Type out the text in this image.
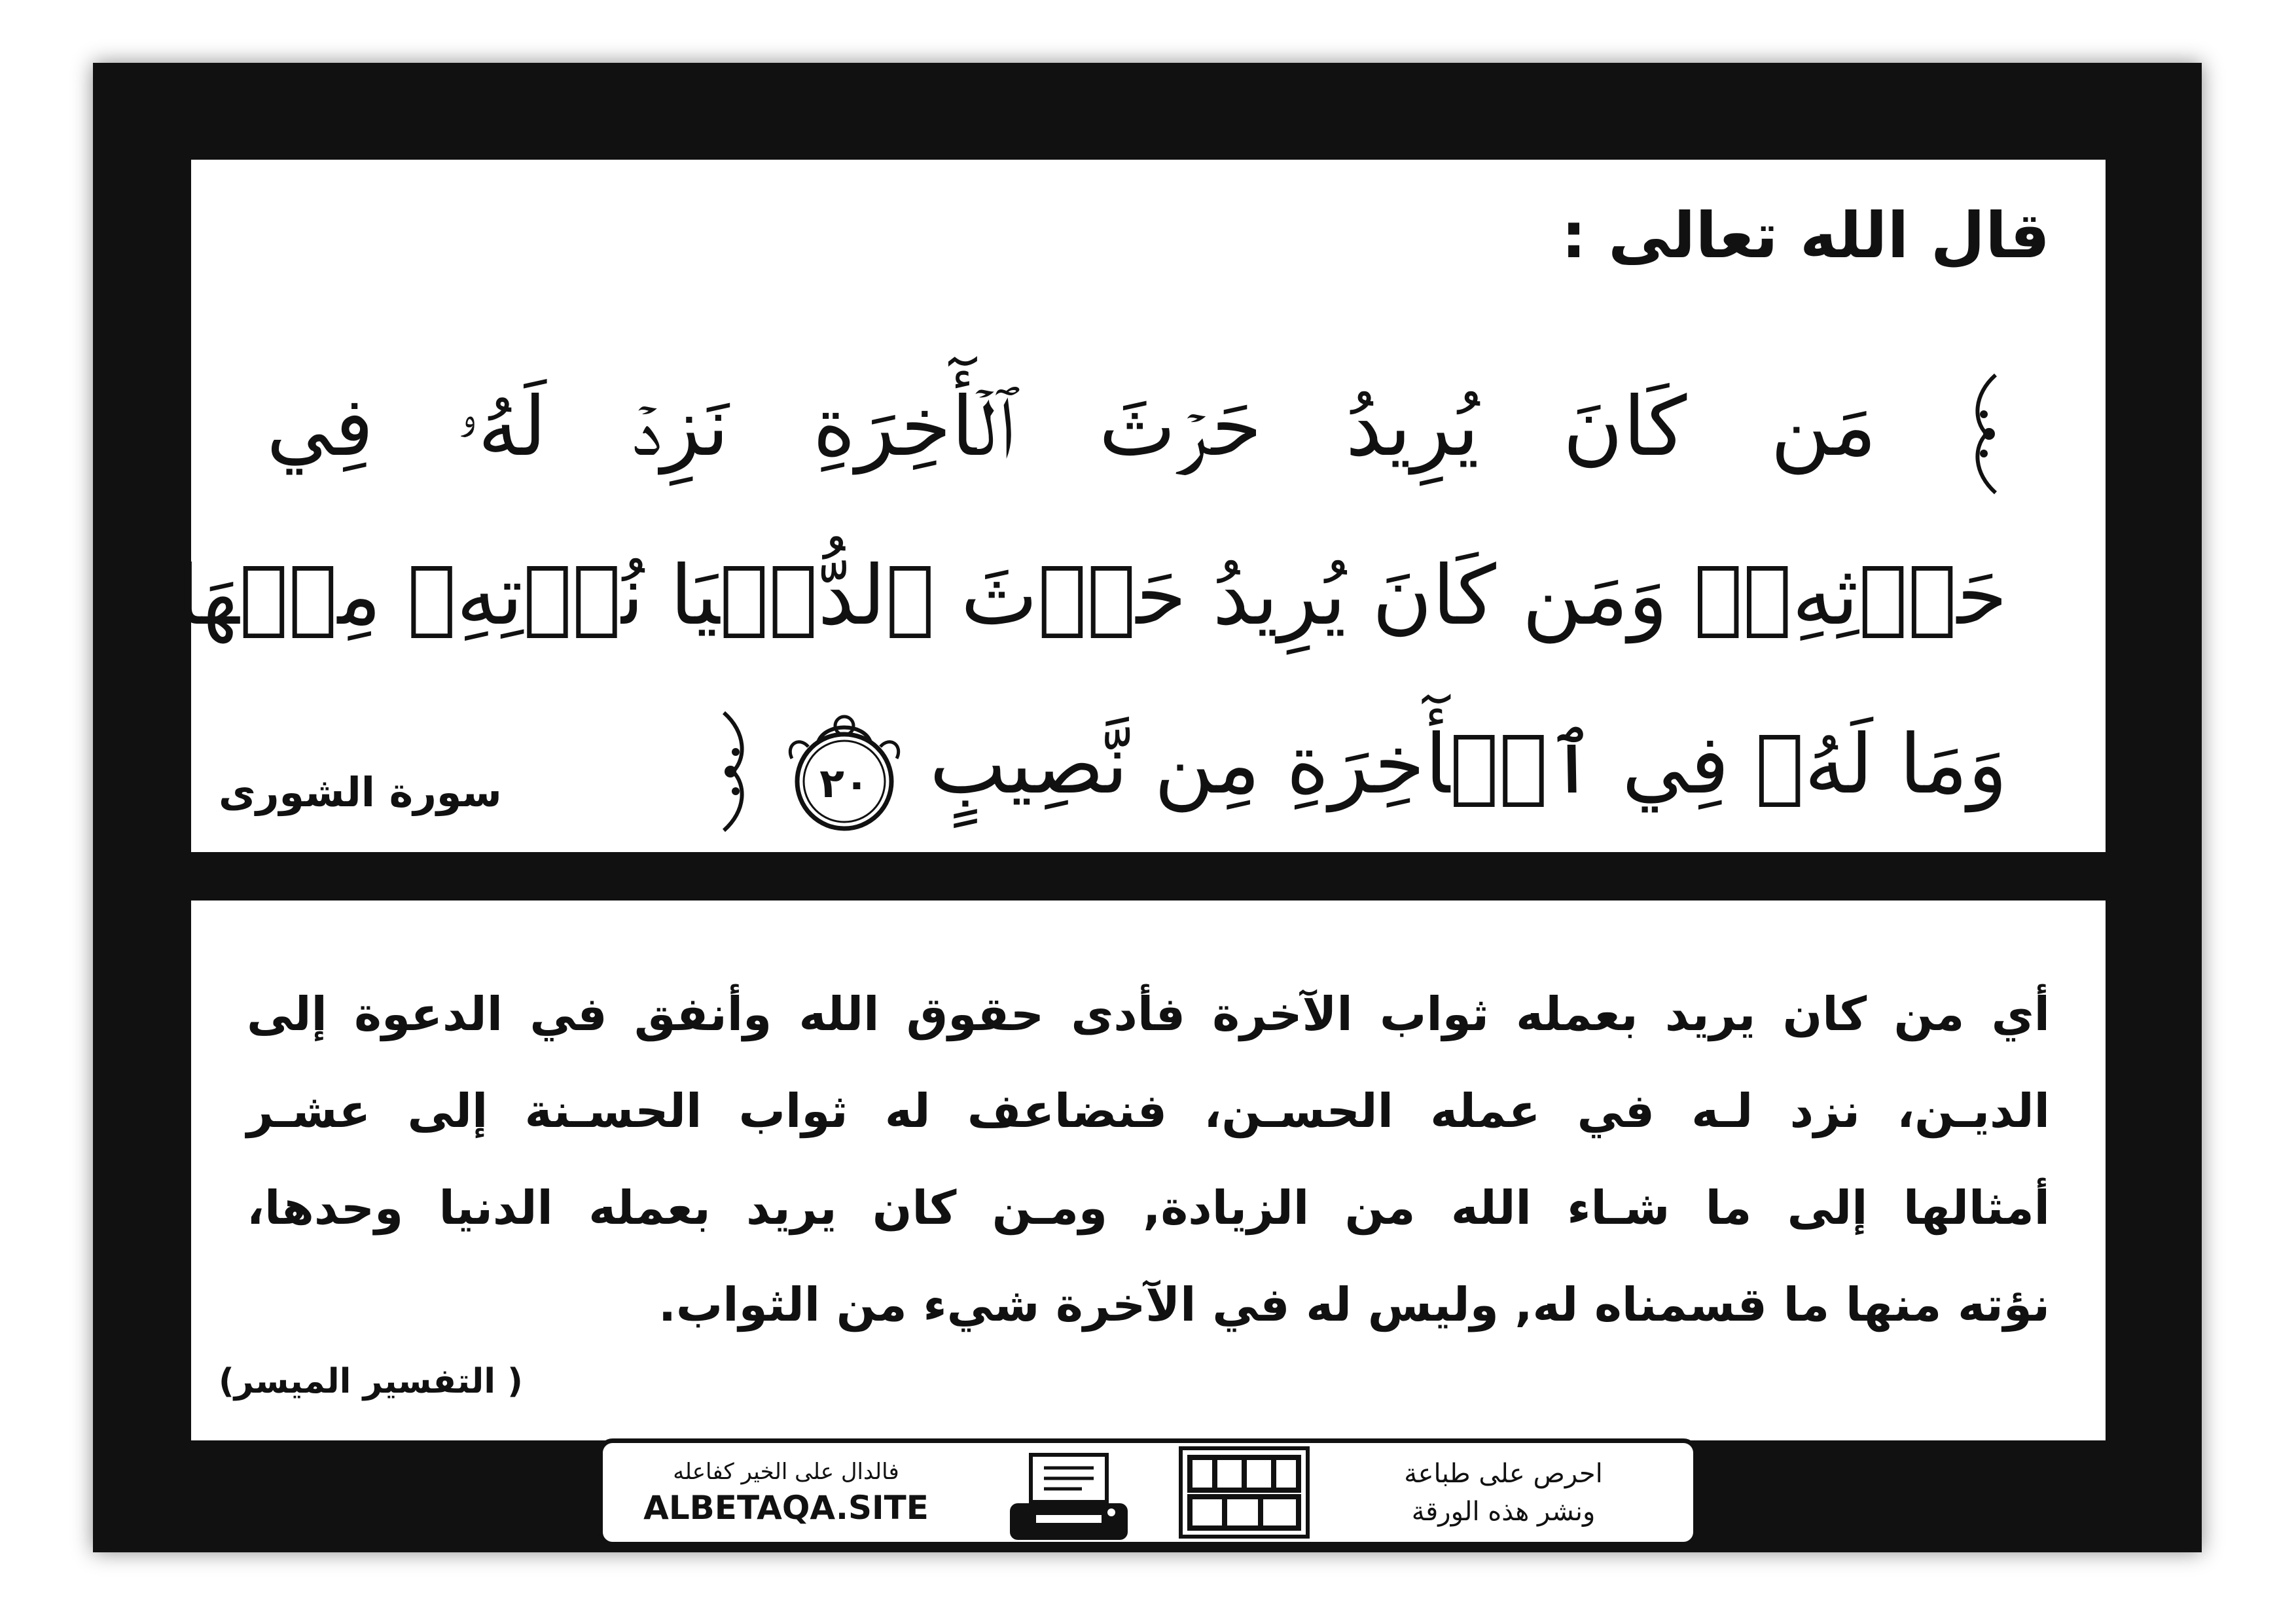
قال الله تعالى :
مَن كَانَ يُرِيدُ حَرۡثَ ٱلۡأٓخِرَةِ نَزِدۡ لَهُۥ فِي
حَرۡثِهِۦۖ وَمَن كَانَ يُرِيدُ حَرۡثَ ٱلدُّنۡيَا نُؤۡتِهِۦ مِنۡهَا
وَمَا لَهُۥ فِي ٱلۡأٓخِرَةِ مِن نَّصِيبٍ
٢٠
سورة الشورى
أي من كان يريد بعمله ثواب الآخرة فأدى حقوق الله وأنفق في الدعوة إلى
الديـن، نزد لـه في عمله الحسـن، فنضاعف له ثواب الحسـنة إلى عشـر
أمثالها إلى ما شـاء الله من الزيادة, ومـن كان يريد بعمله الدنيا وحدها،
نؤته منها ما قسمناه له, وليس له في الآخرة شيء من الثواب.
( التفسير الميسر)
فالدال على الخير كفاعله
ALBETAQA.SITE
احرص على طباعة
ونشر هذه الورقة
